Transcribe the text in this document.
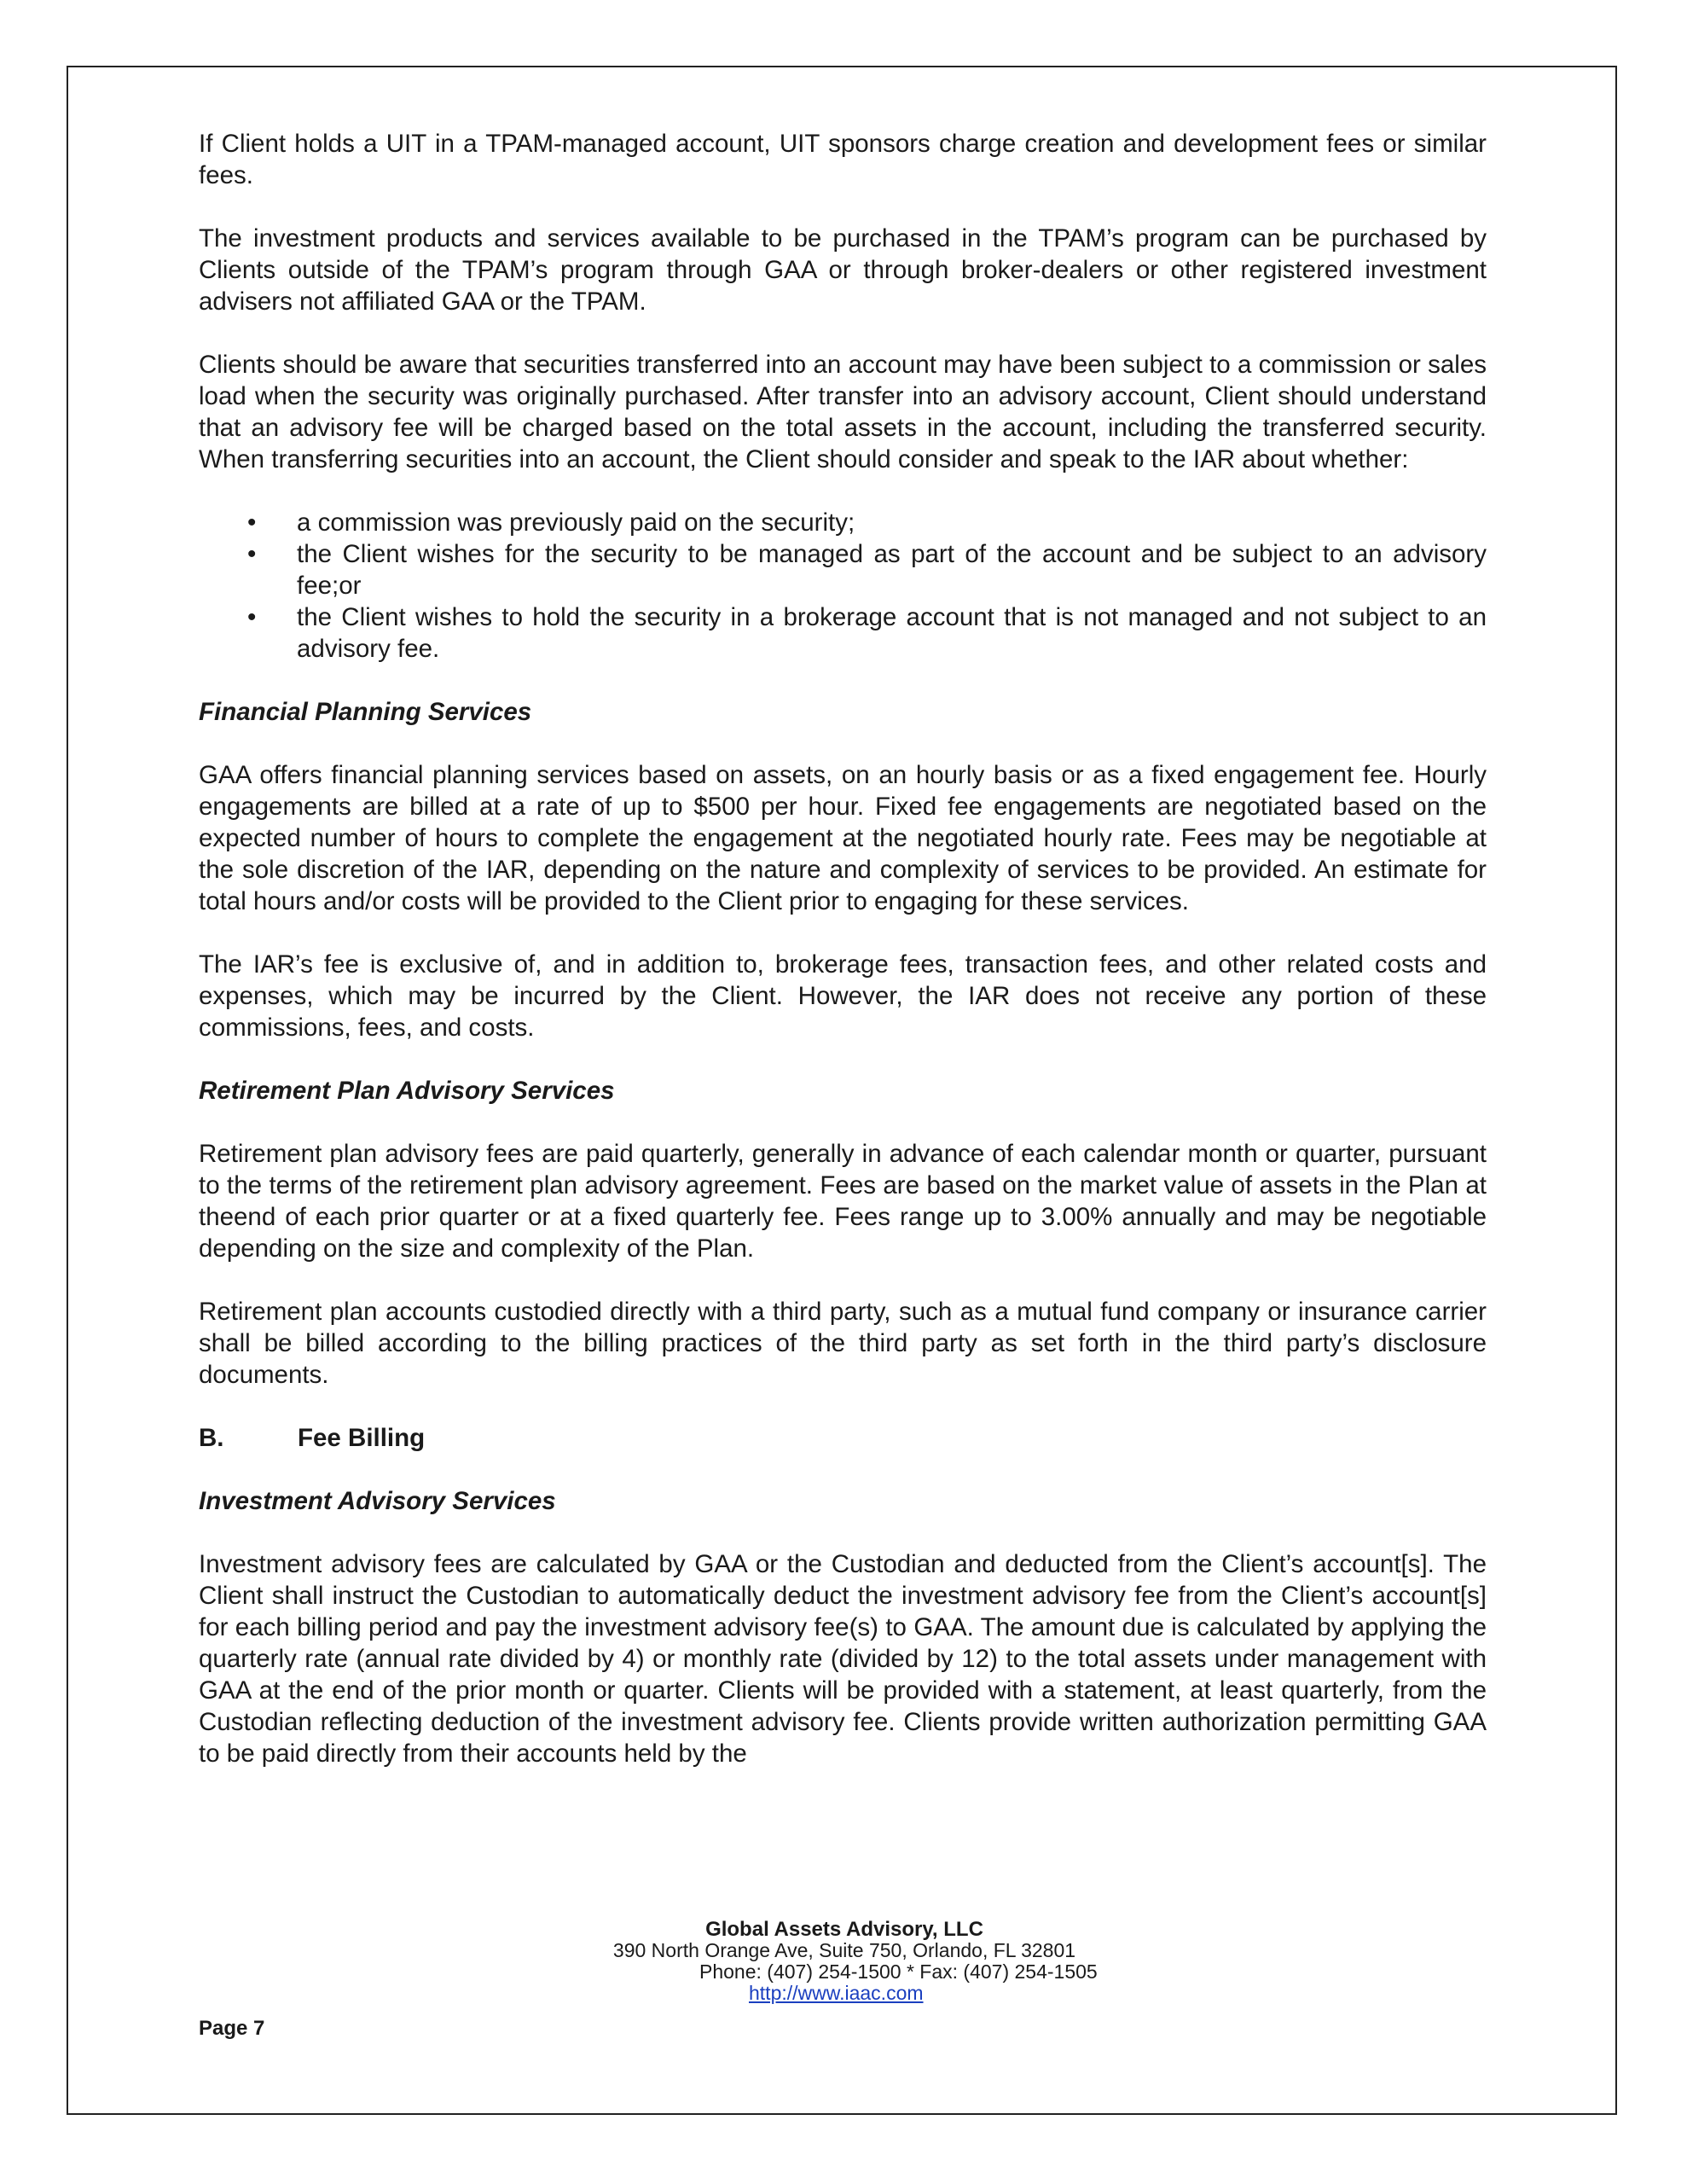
If Client holds a UIT in a TPAM-managed account, UIT sponsors charge creation and development fees or similar fees.

The investment products and services available to be purchased in the TPAM’s program can be purchased by Clients outside of the TPAM’s program through GAA or through broker-dealers or other registered investment advisers not affiliated GAA or the TPAM.

Clients should be aware that securities transferred into an account may have been subject to a commission or sales load when the security was originally purchased. After transfer into an advisory account, Client should understand that an advisory fee will be charged based on the total assets in the account, including the transferred security. When transferring securities into an account, the Client should consider and speak to the IAR about whether:

• a commission was previously paid on the security;
• the Client wishes for the security to be managed as part of the account and be subject to an advisory fee;or
• the Client wishes to hold the security in a brokerage account that is not managed and not subject to an advisory fee.

Financial Planning Services

GAA offers financial planning services based on assets, on an hourly basis or as a fixed engagement fee. Hourly engagements are billed at a rate of up to $500 per hour. Fixed fee engagements are negotiated based on the expected number of hours to complete the engagement at the negotiated hourly rate. Fees may be negotiable at the sole discretion of the IAR, depending on the nature and complexity of services to be provided. An estimate for total hours and/or costs will be provided to the Client prior to engaging for these services.

The IAR’s fee is exclusive of, and in addition to, brokerage fees, transaction fees, and other related costs and expenses, which may be incurred by the Client. However, the IAR does not receive any portion of these commissions, fees, and costs.

Retirement Plan Advisory Services

Retirement plan advisory fees are paid quarterly, generally in advance of each calendar month or quarter, pursuant to the terms of the retirement plan advisory agreement. Fees are based on the market value of assets in the Plan at theend of each prior quarter or at a fixed quarterly fee. Fees range up to 3.00% annually and may be negotiable depending on the size and complexity of the Plan.

Retirement plan accounts custodied directly with a third party, such as a mutual fund company or insurance carrier shall be billed according to the billing practices of the third party as set forth in the third party’s disclosure documents.

B.	Fee Billing

Investment Advisory Services

Investment advisory fees are calculated by GAA or the Custodian and deducted from the Client’s account[s]. The Client shall instruct the Custodian to automatically deduct the investment advisory fee from the Client’s account[s] for each billing period and pay the investment advisory fee(s) to GAA. The amount due is calculated by applying the quarterly rate (annual rate divided by 4) or monthly rate (divided by 12) to the total assets under management with GAA at the end of the prior month or quarter. Clients will be provided with a statement, at least quarterly, from the Custodian reflecting deduction of the investment advisory fee. Clients provide written authorization permitting GAA to be paid directly from their accounts held by the

Global Assets Advisory, LLC
390 North Orange Ave, Suite 750, Orlando, FL 32801
Phone: (407) 254-1500 * Fax: (407) 254-1505
http://www.iaac.com
Page 7
